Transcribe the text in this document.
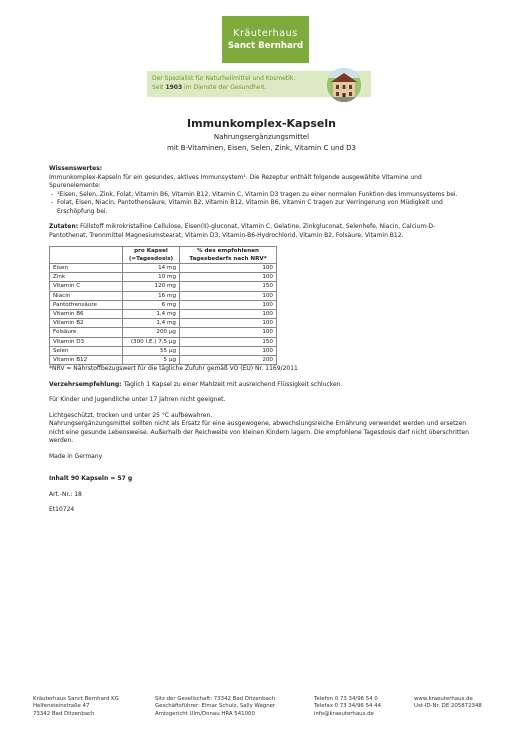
Kräuterhaus
Sanct Bernhard
Der Spezialist für Naturheilmittel und Kosmetik.
Seit 1903 im Dienste der Gesundheit.
Immunkomplex-Kapseln
Nahrungsergänzungsmittel
mit B-Vitaminen, Eisen, Selen, Zink, Vitamin C und D3

Wissenswertes:

Immunkomplex-Kapseln für ein gesundes, aktives Immunsystem¹. Die Rezeptur enthält folgende ausgewählte Vitamine und Spurenelemente:

- ¹Eisen, Selen, Zink, Folat, Vitamin B6, Vitamin B12, Vitamin C, Vitamin D3 tragen zu einer normalen Funktion des Immunsystems bei.
- Folat, Eisen, Niacin, Pantothensäure, Vitamin B2, Vitamin B12, Vitamin B6, Vitamin C tragen zur Verringerung von Müdigkeit und Erschöpfung bei.

Zutaten: Füllstoff mikrokristalline Cellulose, Eisen(II)-gluconat, Vitamin C, Gelatine, Zinkgluconat, Selenhefe, Niacin, Calcium-D-Pantothenat, Trennmittel Magnesiumstearat, Vitamin D3, Vitamin-B6-Hydrochlorid, Vitamin B2, Folsäure, Vitamin B12.

	pro Kapsel (=Tagesdosis)	% des empfohlenen Tagesbedarfs nach NRV*
Eisen	14 mg	100
Zink	10 mg	100
Vitamin C	120 mg	150
Niacin	16 mg	100
Pantothensäure	6 mg	100
Vitamin B6	1,4 mg	100
Vitamin B2	1,4 mg	100
Folsäure	200 µg	100
Vitamin D3	(300 I.E.) 7,5 µg	150
Selen	55 µg	100
Vitamin B12	5 µg	200

*NRV = Nährstoffbezugswert für die tägliche Zufuhr gemäß VO (EU) Nr. 1169/2011

Verzehrsempfehlung: Täglich 1 Kapsel zu einer Mahlzeit mit ausreichend Flüssigkeit schlucken.

Für Kinder und Jugendliche unter 17 Jahren nicht geeignet.

Lichtgeschützt, trocken und unter 25 °C aufbewahren.

Nahrungsergänzungsmittel sollten nicht als Ersatz für eine ausgewogene, abwechslungsreiche Ernährung verwendet werden und ersetzen nicht eine gesunde Lebensweise. Außerhalb der Reichweite von kleinen Kindern lagern. Die empfohlene Tagesdosis darf nicht überschritten werden.

Made in Germany

Inhalt 90 Kapseln = 57 g

Art.-Nr.: 18

Et10724

Kräuterhaus Sanct Bernhard KG
Helfensteinstraße 47
73342 Bad Ditzenbach
Sitz der Gesellschaft: 73342 Bad Ditzenbach
Geschäftsführer: Elmar Schulz, Sally Wagner
Amtsgericht Ulm/Donau HRA 541000
Telefon 0 73 34/96 54 0
Telefax 0 73 34/96 54 44
info@kraeuterhaus.de
www.kraeuterhaus.de
Ust-ID-Nr. DE 205872348
